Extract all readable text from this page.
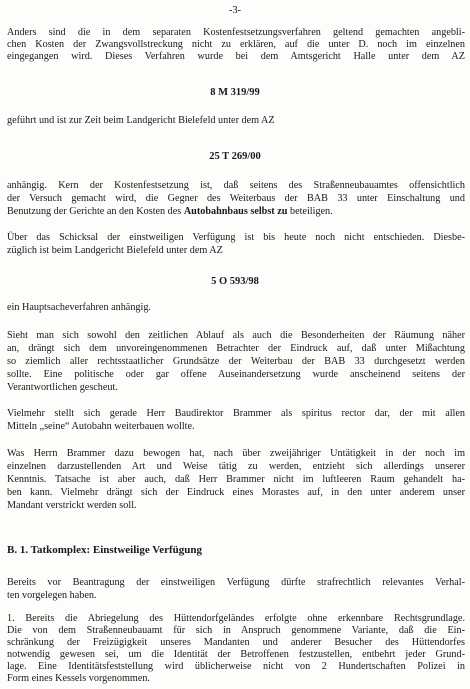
-3-
Anders sind die in dem separaten Kostenfestsetzungsverfahren geltend gemachten angebli-
chen Kosten der Zwangsvollstreckung nicht zu erklären, auf die unter D. noch im einzelnen
eingegangen wird. Dieses Verfahren wurde bei dem Amtsgericht Halle unter dem AZ
8 M 319/99
geführt und ist zur Zeit beim Landgericht Bielefeld unter dem AZ
25 T 269/00
anhängig. Kern der Kostenfestsetzung ist, daß seitens des Straßenneubauamtes offensichtlich
der Versuch gemacht wird, die Gegner des Weiterbaus der BAB 33 unter Einschaltung und
Benutzung der Gerichte an den Kosten des Autobahnbaus selbst zu beteiligen.
Über das Schicksal der einstweiligen Verfügung ist bis heute noch nicht entschieden. Diesbe-
züglich ist beim Landgericht Bielefeld unter dem AZ
5 O 593/98
ein Hauptsacheverfahren anhängig.
Sieht man sich sowohl den zeitlichen Ablauf als auch die Besonderheiten der Räumung näher
an, drängt sich dem unvoreingenommenen Betrachter der Eindruck auf, daß unter Mißachtung
so ziemlich aller rechtsstaatlicher Grundsätze der Weiterbau der BAB 33 durchgesetzt werden
sollte. Eine politische oder gar offene Auseinandersetzung wurde anscheinend seitens der
Verantwortlichen gescheut.
Vielmehr stellt sich gerade Herr Baudirektor Brammer als spiritus rector dar, der mit allen
Mitteln „seine“ Autobahn weiterbauen wollte.
Was Herrn Brammer dazu bewogen hat, nach über zweijähriger Untätigkeit in der noch im
einzelnen darzustellenden Art und Weise tätig zu werden, entzieht sich allerdings unserer
Kenntnis. Tatsache ist aber auch, daß Herr Brammer nicht im luftleeren Raum gehandelt ha-
ben kann. Vielmehr drängt sich der Eindruck eines Morastes auf, in den unter anderem unser
Mandant verstrickt werden soll.
B. 1. Tatkomplex: Einstweilige Verfügung
Bereits vor Beantragung der einstweiligen Verfügung dürfte strafrechtlich relevantes Verhal-
ten vorgelegen haben.
1. Bereits die Abriegelung des Hüttendorfgeländes erfolgte ohne erkennbare Rechtsgrundlage.
Die von dem Straßenneubauamt für sich in Anspruch genommene Variante, daß die Ein-
schränkung der Freizügigkeit unseres Mandanten und anderer Besucher des Hüttendorfes
notwendig gewesen sei, um die Identität der Betroffenen festzustellen, entbehrt jeder Grund-
lage. Eine Identitätsfeststellung wird üblicherweise nicht von 2 Hundertschaften Polizei in
Form eines Kessels vorgenommen.
